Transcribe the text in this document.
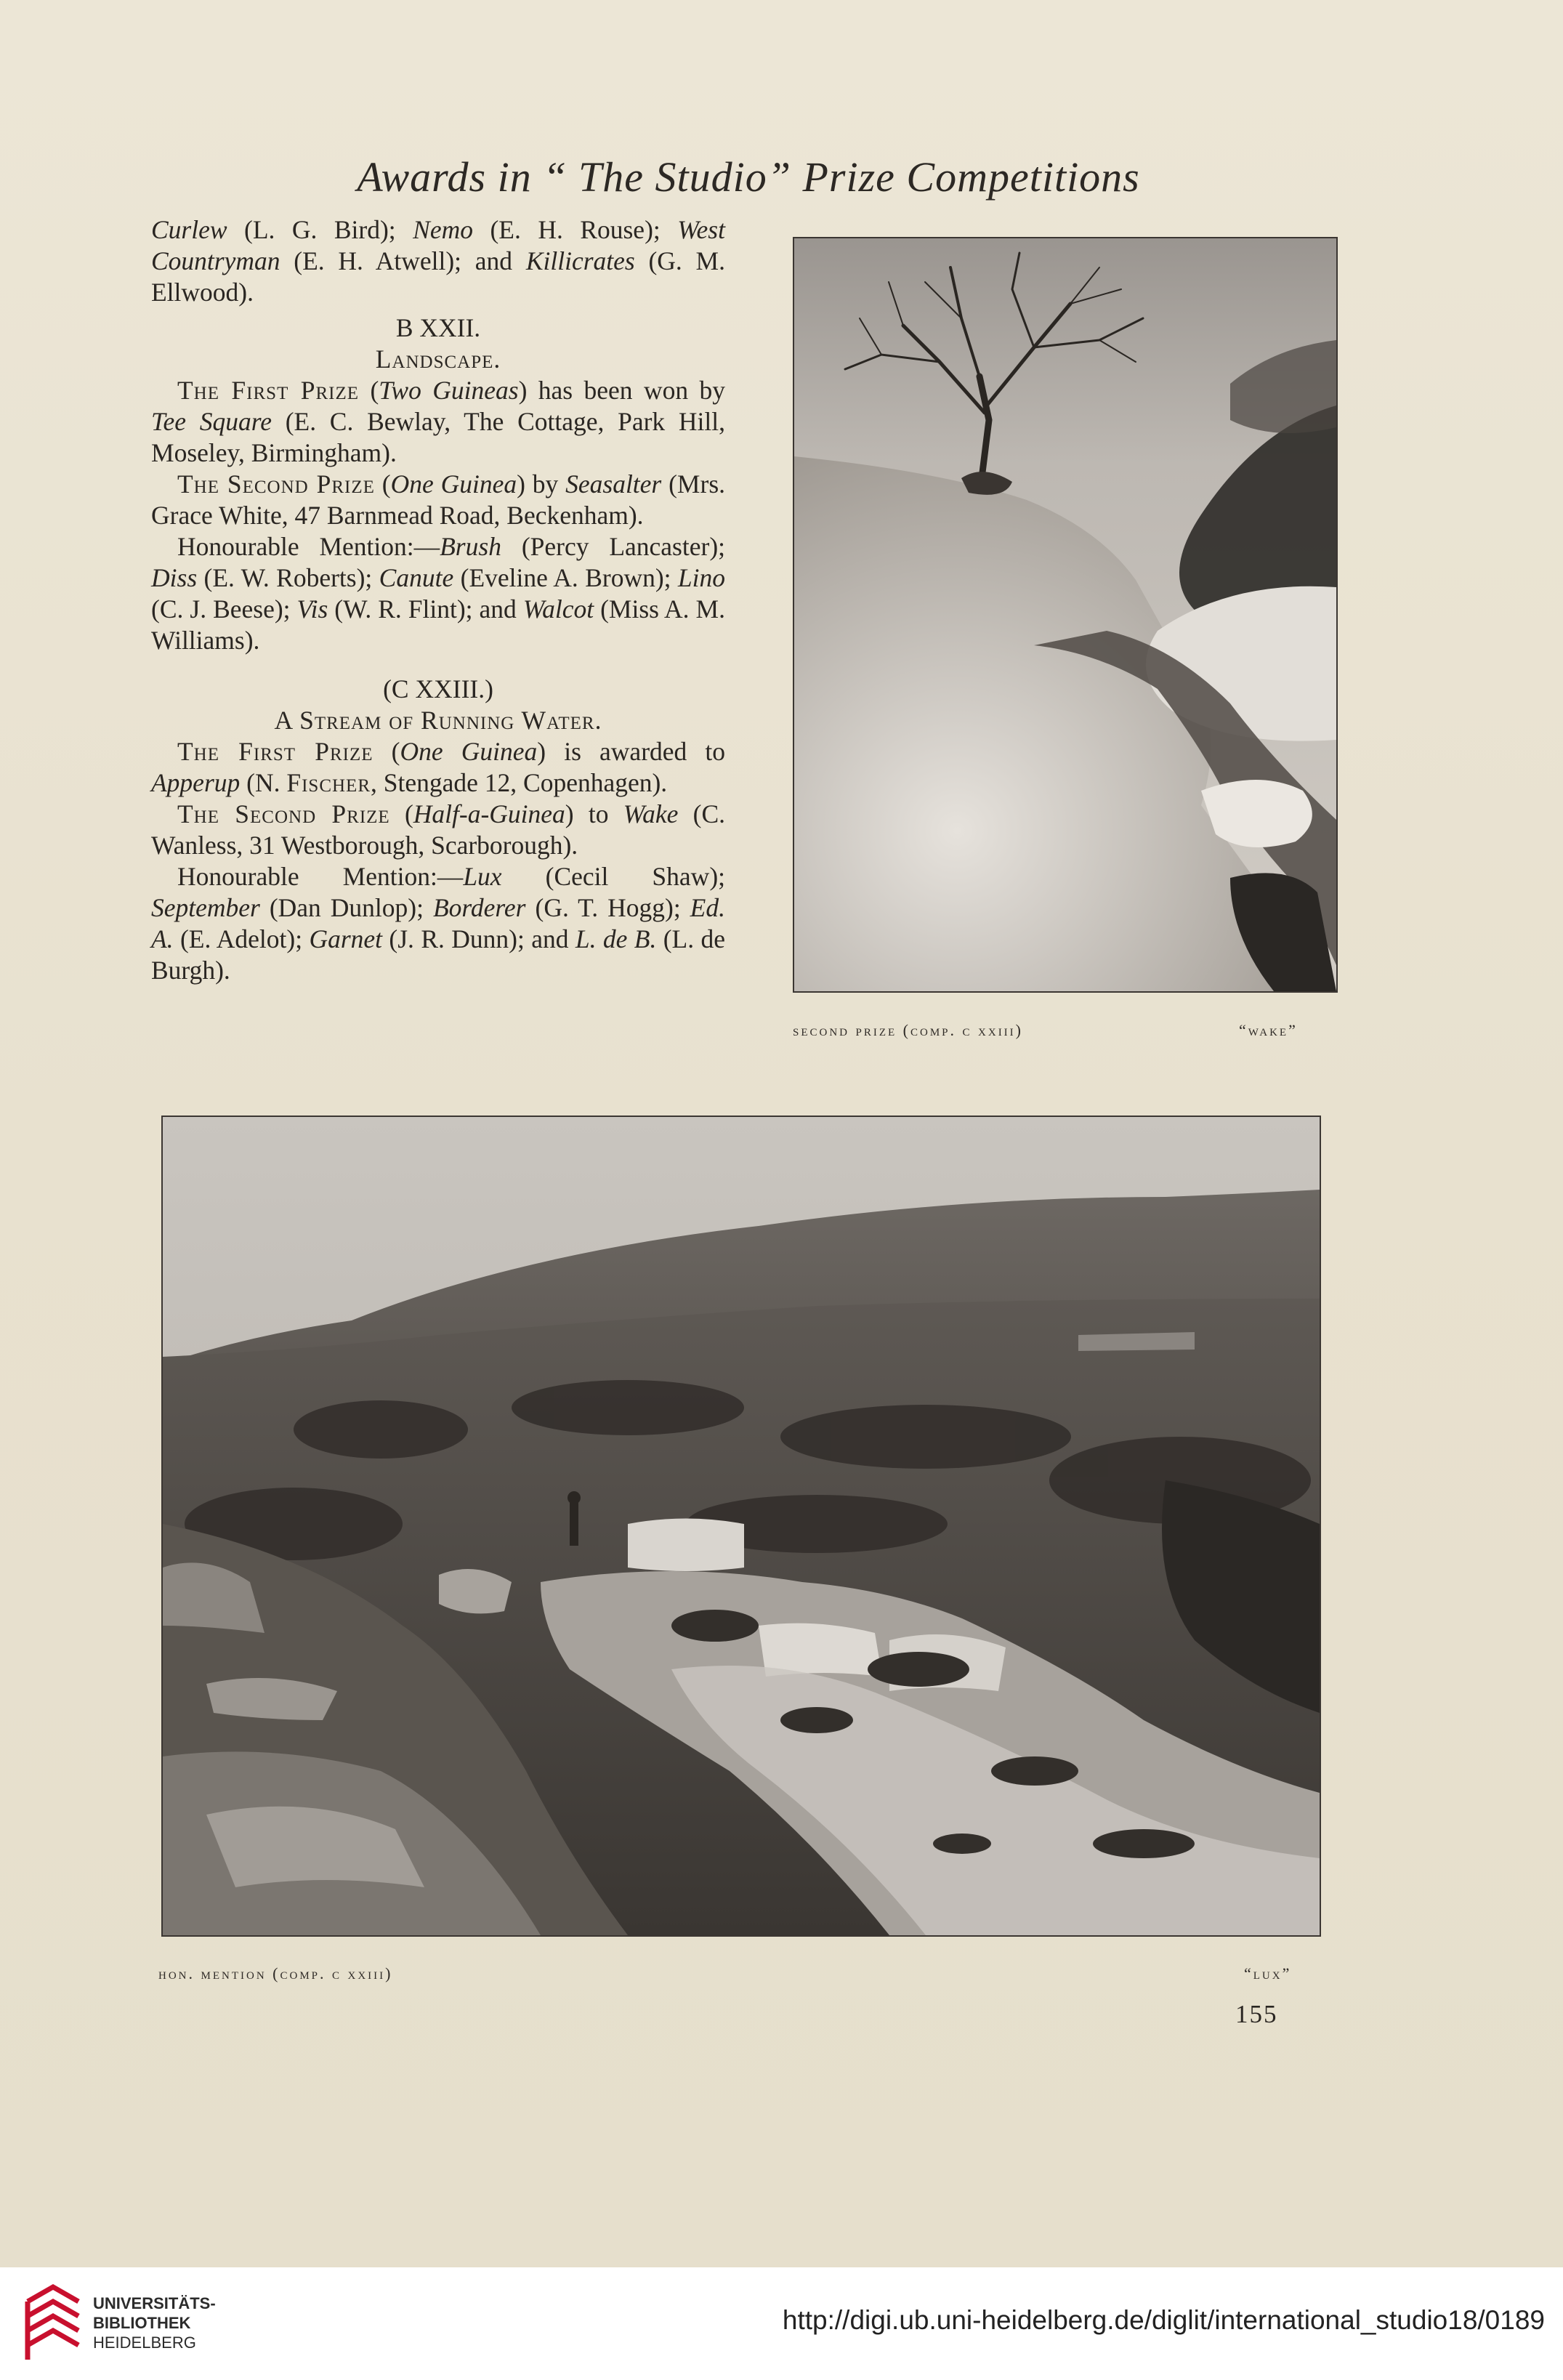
Awards in “ The Studio” Prize Competitions

Curlew (L. G. Bird); Nemo (E. H. Rouse); West Countryman (E. H. Atwell); and Killicrates (G. M. Ellwood).

B XXII.

Landscape.

The First Prize (Two Guineas) has been won by Tee Square (E. C. Bewlay, The Cottage, Park Hill, Moseley, Birmingham).

The Second Prize (One Guinea) by Seasalter (Mrs. Grace White, 47 Barnmead Road, Beckenham).

Honourable Mention:—Brush (Percy Lancaster); Diss (E. W. Roberts); Canute (Eveline A. Brown); Lino (C. J. Beese); Vis (W. R. Flint); and Walcot (Miss A. M. Williams).

(C XXIII.)

A Stream of Running Water.

The First Prize (One Guinea) is awarded to Apperup (N. Fischer, Stengade 12, Copenhagen).

The Second Prize (Half-a-Guinea) to Wake (C. Wanless, 31 Westborough, Scarborough).

Honourable Mention:—Lux (Cecil Shaw); September (Dan Dunlop); Borderer (G. T. Hogg); Ed. A. (E. Adelot); Garnet (J. R. Dunn); and L. de B. (L. de Burgh).

second prize (comp. c xxiii)	“wake”
hon. mention (comp. c xxiii)	“lux”
155
UNIVERSITÄTS-
BIBLIOTHEK
HEIDELBERG
http://digi.ub.uni-heidelberg.de/diglit/international_studio18/0189
